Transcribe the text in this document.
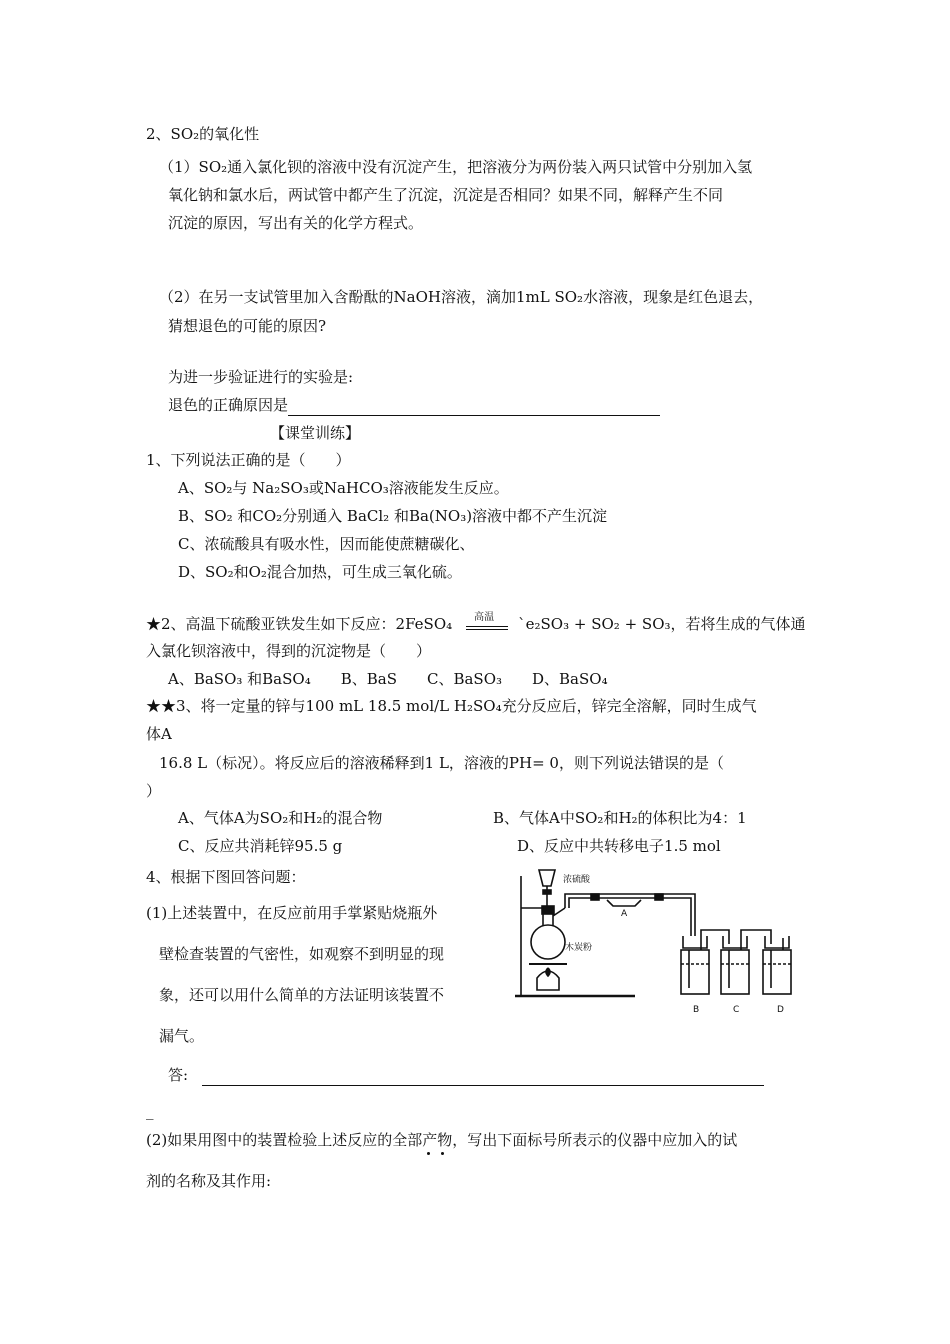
2、SO₂的氧化性
（1）SO₂通入氯化钡的溶液中没有沉淀产生，把溶液分为两份装入两只试管中分别加入氢
氧化钠和氯水后，两试管中都产生了沉淀，沉淀是否相同？如果不同，解释产生不同
沉淀的原因，写出有关的化学方程式。
（2）在另一支试管里加入含酚酞的NaOH溶液，滴加1mL SO₂水溶液，现象是红色退去，
猜想退色的可能的原因?
为进一步验证进行的实验是:
退色的正确原因是
【课堂训练】
1、下列说法正确的是（　　）
A、SO₂与 Na₂SO₃或NaHCO₃溶液能发生反应。
B、SO₂ 和CO₂分别通入 BaCl₂ 和Ba(NO₃)溶液中都不产生沉淀
C、浓硫酸具有吸水性，因而能使蔗糖碳化、
D、SO₂和O₂混合加热，可生成三氧化硫。
★2、高温下硫酸亚铁发生如下反应：2FeSO₄ 高温 `e₂SO₃ + SO₂ + SO₃，若将生成的气体通
入氯化钡溶液中，得到的沉淀物是（　　）
A、BaSO₃ 和BaSO₄　　B、BaS　　C、BaSO₃　　D、BaSO₄
★★3、将一定量的锌与100 mL 18.5 mol/L H₂SO₄充分反应后，锌完全溶解，同时生成气
体A
16.8 L（标况）。将反应后的溶液稀释到1 L，溶液的PH= 0，则下列说法错误的是（
）
A、气体A为SO₂和H₂的混合物	B、气体A中SO₂和H₂的体积比为4：1
C、反应共消耗锌95.5 g	D、反应中共转移电子1.5 mol
4、根据下图回答问题：
(1)上述装置中，在反应前用手掌紧贴烧瓶外
壁检查装置的气密性，如观察不到明显的现
象，还可以用什么简单的方法证明该装置不
漏气。
答:
_
(2)如果用图中的装置检验上述反应的全部产物，写出下面标号所表示的仪器中应加入的试
剂的名称及其作用:
浓硫酸
木炭粉
A
B	C	D
